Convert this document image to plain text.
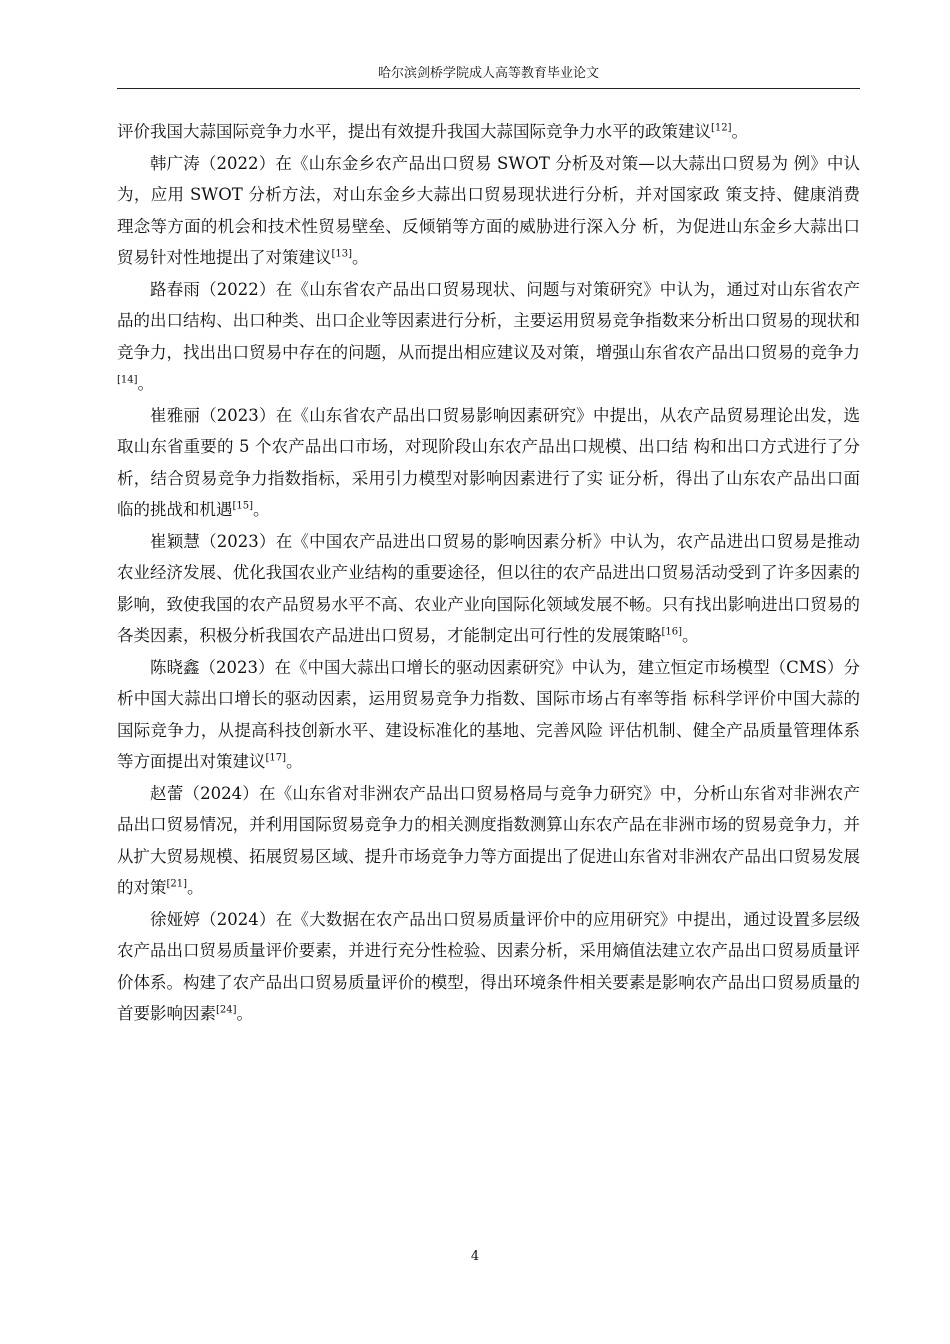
哈尔滨剑桥学院成人高等教育毕业论文

评价我国大蒜国际竞争力水平，提出有效提升我国大蒜国际竞争力水平的政策建议[12]。

韩广涛（2022）在《山东金乡农产品出口贸易 SWOT 分析及对策—以大蒜出口贸易为 例》中认为，应用 SWOT 分析方法，对山东金乡大蒜出口贸易现状进行分析，并对国家政 策支持、健康消费理念等方面的机会和技术性贸易壁垒、反倾销等方面的威胁进行深入分 析，为促进山东金乡大蒜出口贸易针对性地提出了对策建议[13]。

路春雨（2022）在《山东省农产品出口贸易现状、问题与对策研究》中认为，通过对山东省农产品的出口结构、出口种类、出口企业等因素进行分析，主要运用贸易竞争指数来分析出口贸易的现状和竞争力，找出出口贸易中存在的问题，从而提出相应建议及对策，增强山东省农产品出口贸易的竞争力[14]。

崔雅丽（2023）在《山东省农产品出口贸易影响因素研究》中提出，从农产品贸易理论出发，选取山东省重要的 5 个农产品出口市场，对现阶段山东农产品出口规模、出口结 构和出口方式进行了分析，结合贸易竞争力指数指标，采用引力模型对影响因素进行了实 证分析，得出了山东农产品出口面临的挑战和机遇[15]。

崔颖慧（2023）在《中国农产品进出口贸易的影响因素分析》中认为，农产品进出口贸易是推动农业经济发展、优化我国农业产业结构的重要途径，但以往的农产品进出口贸易活动受到了许多因素的影响，致使我国的农产品贸易水平不高、农业产业向国际化领域发展不畅。只有找出影响进出口贸易的各类因素，积极分析我国农产品进出口贸易，才能制定出可行性的发展策略[16]。

陈晓鑫（2023）在《中国大蒜出口增长的驱动因素研究》中认为，建立恒定市场模型（CMS）分析中国大蒜出口增长的驱动因素，运用贸易竞争力指数、国际市场占有率等指 标科学评价中国大蒜的国际竞争力，从提高科技创新水平、建设标准化的基地、完善风险 评估机制、健全产品质量管理体系等方面提出对策建议[17]。

赵蕾（2024）在《山东省对非洲农产品出口贸易格局与竞争力研究》中，分析山东省对非洲农产品出口贸易情况，并利用国际贸易竞争力的相关测度指数测算山东农产品在非洲市场的贸易竞争力，并从扩大贸易规模、拓展贸易区域、提升市场竞争力等方面提出了促进山东省对非洲农产品出口贸易发展的对策[21]。

徐娅婷（2024）在《大数据在农产品出口贸易质量评价中的应用研究》中提出，通过设置多层级农产品出口贸易质量评价要素，并进行充分性检验、因素分析，采用熵值法建立农产品出口贸易质量评价体系。构建了农产品出口贸易质量评价的模型，得出环境条件相关要素是影响农产品出口贸易质量的首要影响因素[24]。

4
